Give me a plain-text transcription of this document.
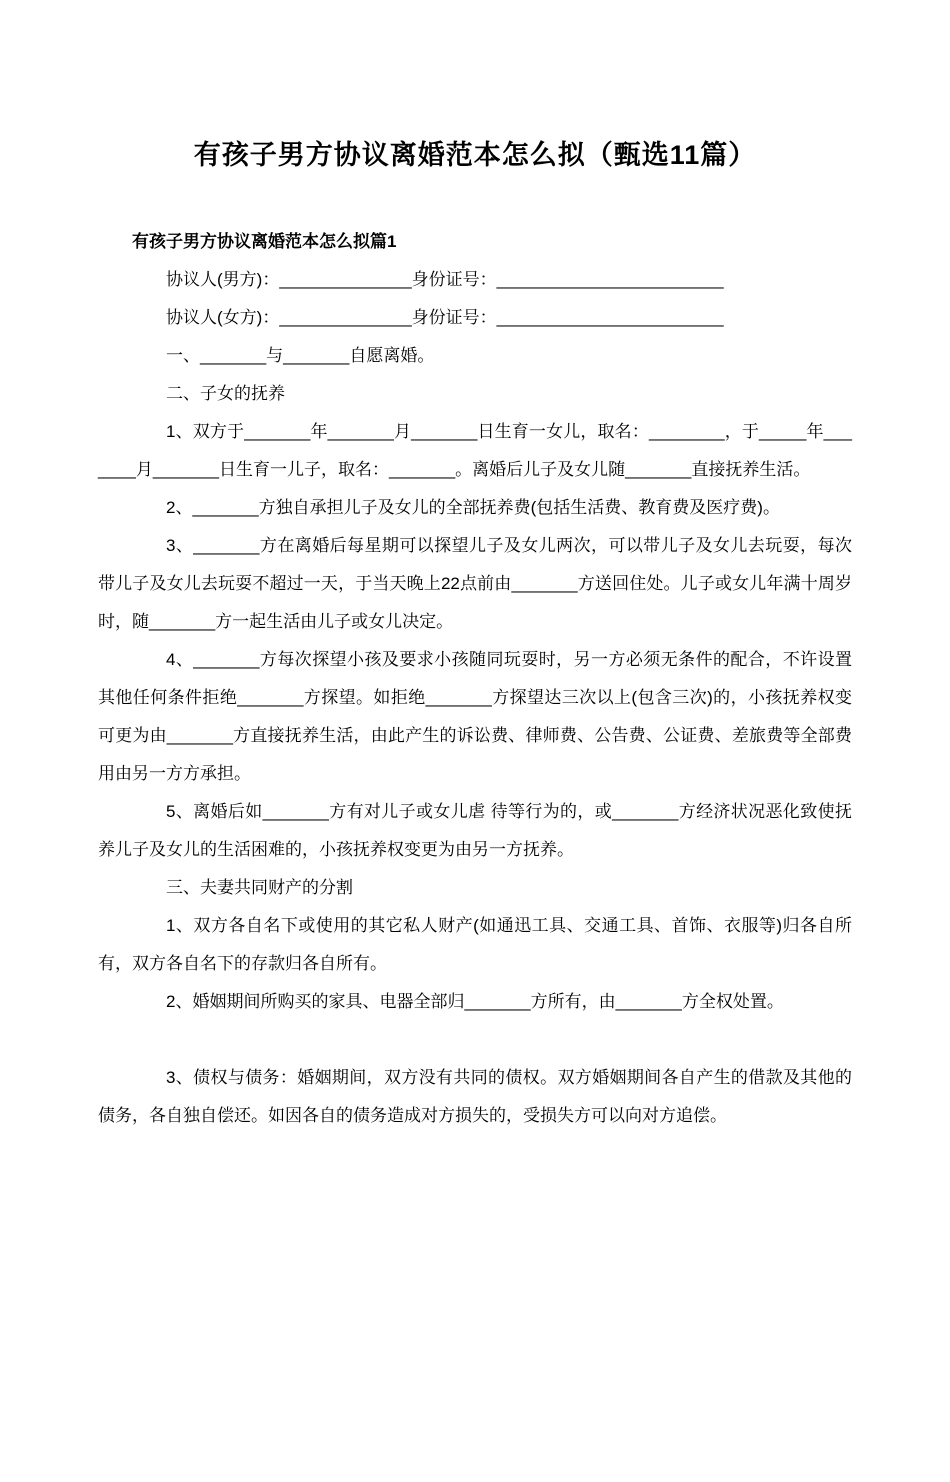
有孩子男方协议离婚范本怎么拟（甄选11篇）

有孩子男方协议离婚范本怎么拟篇1

协议人(男方)：______________身份证号：________________________

协议人(女方)：______________身份证号：________________________

一、_______与_______自愿离婚。

二、子女的抚养

1、双方于_______年_______月_______日生育一女儿，取名：________，于_____年_______月_______日生育一儿子，取名：_______。离婚后儿子及女儿随_______直接抚养生活。

2、_______方独自承担儿子及女儿的全部抚养费(包括生活费、教育费及医疗费)。

3、_______方在离婚后每星期可以探望儿子及女儿两次，可以带儿子及女儿去玩耍，每次带儿子及女儿去玩耍不超过一天，于当天晚上22点前由_______方送回住处。儿子或女儿年满十周岁时，随_______方一起生活由儿子或女儿决定。

4、_______方每次探望小孩及要求小孩随同玩耍时，另一方必须无条件的配合，不许设置其他任何条件拒绝_______方探望。如拒绝_______方探望达三次以上(包含三次)的，小孩抚养权变可更为由_______方直接抚养生活，由此产生的诉讼费、律师费、公告费、公证费、差旅费等全部费用由另一方方承担。

5、离婚后如_______方有对儿子或女儿虐 待等行为的，或_______方经济状况恶化致使抚养儿子及女儿的生活困难的，小孩抚养权变更为由另一方抚养。

三、夫妻共同财产的分割

1、双方各自名下或使用的其它私人财产(如通迅工具、交通工具、首饰、衣服等)归各自所有，双方各自名下的存款归各自所有。

2、婚姻期间所购买的家具、电器全部归_______方所有，由_______方全权处置。

3、债权与债务：婚姻期间，双方没有共同的债权。双方婚姻期间各自产生的借款及其他的债务，各自独自偿还。如因各自的债务造成对方损失的，受损失方可以向对方追偿。
